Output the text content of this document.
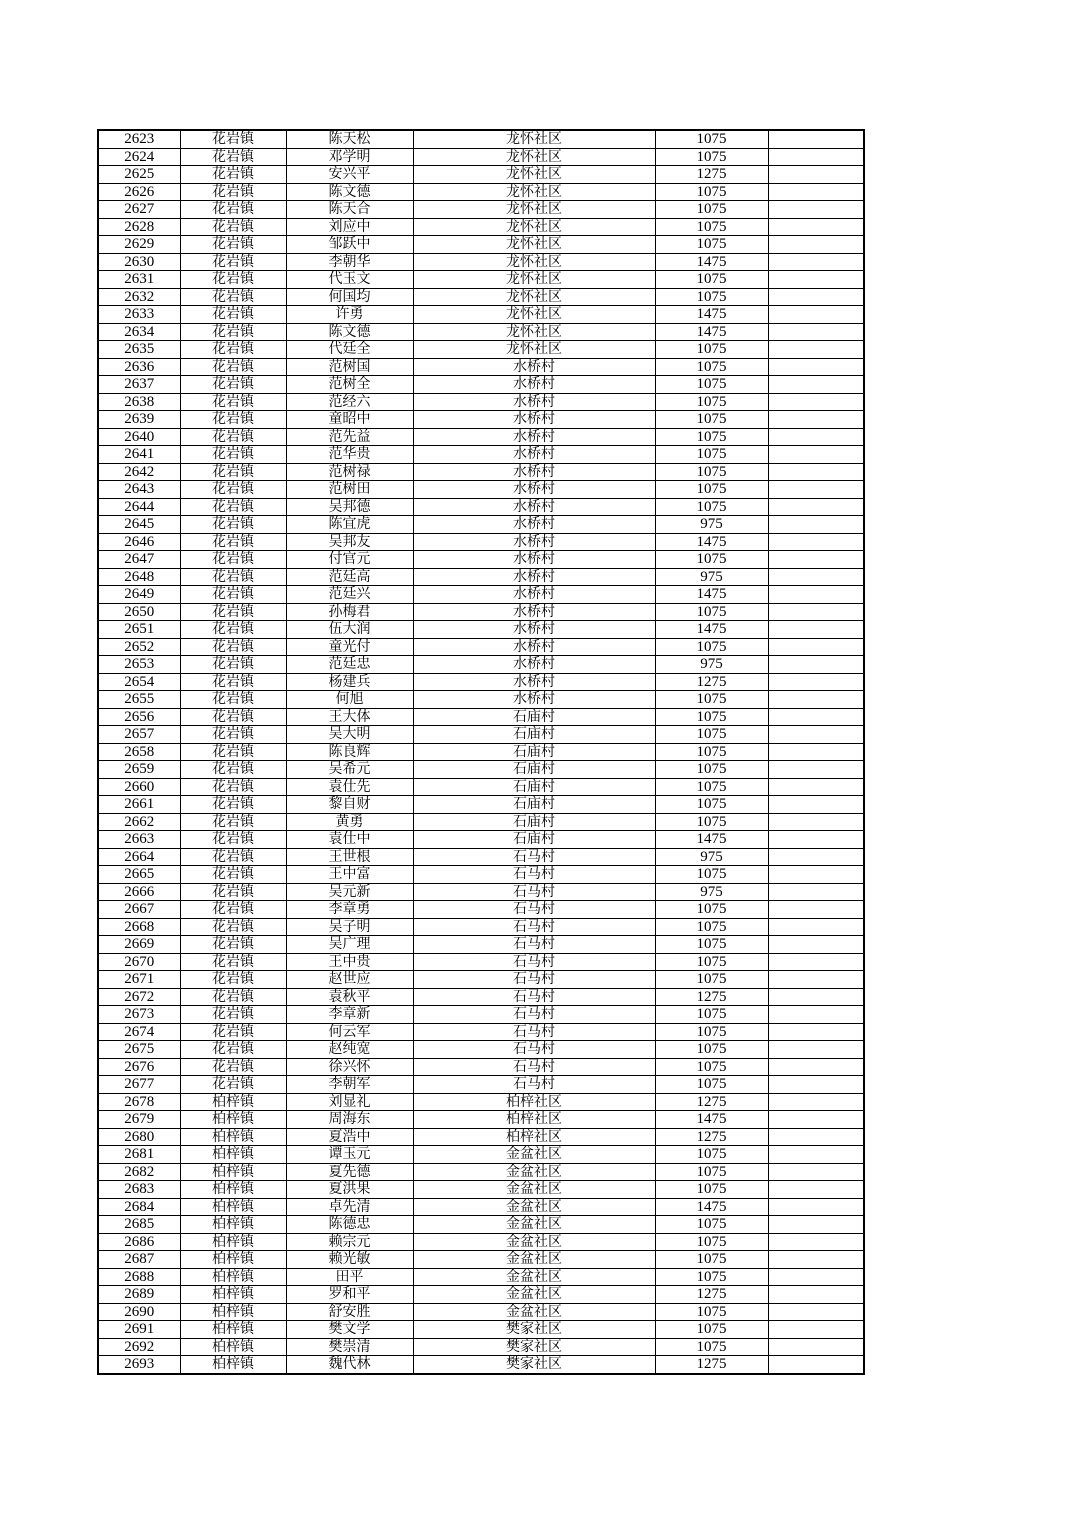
2623	花岩镇	陈天松	龙怀社区	1075	
2624	花岩镇	邓学明	龙怀社区	1075	
2625	花岩镇	安兴平	龙怀社区	1275	
2626	花岩镇	陈文德	龙怀社区	1075	
2627	花岩镇	陈天合	龙怀社区	1075	
2628	花岩镇	刘应中	龙怀社区	1075	
2629	花岩镇	邹跃中	龙怀社区	1075	
2630	花岩镇	李朝华	龙怀社区	1475	
2631	花岩镇	代玉文	龙怀社区	1075	
2632	花岩镇	何国均	龙怀社区	1075	
2633	花岩镇	许勇	龙怀社区	1475	
2634	花岩镇	陈文德	龙怀社区	1475	
2635	花岩镇	代廷全	龙怀社区	1075	
2636	花岩镇	范树国	水桥村	1075	
2637	花岩镇	范树全	水桥村	1075	
2638	花岩镇	范经六	水桥村	1075	
2639	花岩镇	童昭中	水桥村	1075	
2640	花岩镇	范先益	水桥村	1075	
2641	花岩镇	范华贵	水桥村	1075	
2642	花岩镇	范树禄	水桥村	1075	
2643	花岩镇	范树田	水桥村	1075	
2644	花岩镇	吴邦德	水桥村	1075	
2645	花岩镇	陈宜虎	水桥村	975	
2646	花岩镇	吴邦友	水桥村	1475	
2647	花岩镇	付官元	水桥村	1075	
2648	花岩镇	范廷高	水桥村	975	
2649	花岩镇	范廷兴	水桥村	1475	
2650	花岩镇	孙梅君	水桥村	1075	
2651	花岩镇	伍大润	水桥村	1475	
2652	花岩镇	童光付	水桥村	1075	
2653	花岩镇	范廷忠	水桥村	975	
2654	花岩镇	杨建兵	水桥村	1275	
2655	花岩镇	何旭	水桥村	1075	
2656	花岩镇	王大体	石庙村	1075	
2657	花岩镇	吴大明	石庙村	1075	
2658	花岩镇	陈良辉	石庙村	1075	
2659	花岩镇	吴希元	石庙村	1075	
2660	花岩镇	袁仕先	石庙村	1075	
2661	花岩镇	黎自财	石庙村	1075	
2662	花岩镇	黄勇	石庙村	1075	
2663	花岩镇	袁仕中	石庙村	1475	
2664	花岩镇	王世根	石马村	975	
2665	花岩镇	王中富	石马村	1075	
2666	花岩镇	吴元新	石马村	975	
2667	花岩镇	李章勇	石马村	1075	
2668	花岩镇	吴子明	石马村	1075	
2669	花岩镇	吴广理	石马村	1075	
2670	花岩镇	王中贵	石马村	1075	
2671	花岩镇	赵世应	石马村	1075	
2672	花岩镇	袁秋平	石马村	1275	
2673	花岩镇	李章新	石马村	1075	
2674	花岩镇	何云军	石马村	1075	
2675	花岩镇	赵纯宽	石马村	1075	
2676	花岩镇	徐兴怀	石马村	1075	
2677	花岩镇	李朝军	石马村	1075	
2678	柏梓镇	刘显礼	柏梓社区	1275	
2679	柏梓镇	周海东	柏梓社区	1475	
2680	柏梓镇	夏浩中	柏梓社区	1275	
2681	柏梓镇	谭玉元	金盆社区	1075	
2682	柏梓镇	夏先德	金盆社区	1075	
2683	柏梓镇	夏洪果	金盆社区	1075	
2684	柏梓镇	卓先清	金盆社区	1475	
2685	柏梓镇	陈德忠	金盆社区	1075	
2686	柏梓镇	赖宗元	金盆社区	1075	
2687	柏梓镇	赖光敏	金盆社区	1075	
2688	柏梓镇	田平	金盆社区	1075	
2689	柏梓镇	罗和平	金盆社区	1275	
2690	柏梓镇	舒安胜	金盆社区	1075	
2691	柏梓镇	樊文学	樊家社区	1075	
2692	柏梓镇	樊崇清	樊家社区	1075	
2693	柏梓镇	魏代林	樊家社区	1275	
